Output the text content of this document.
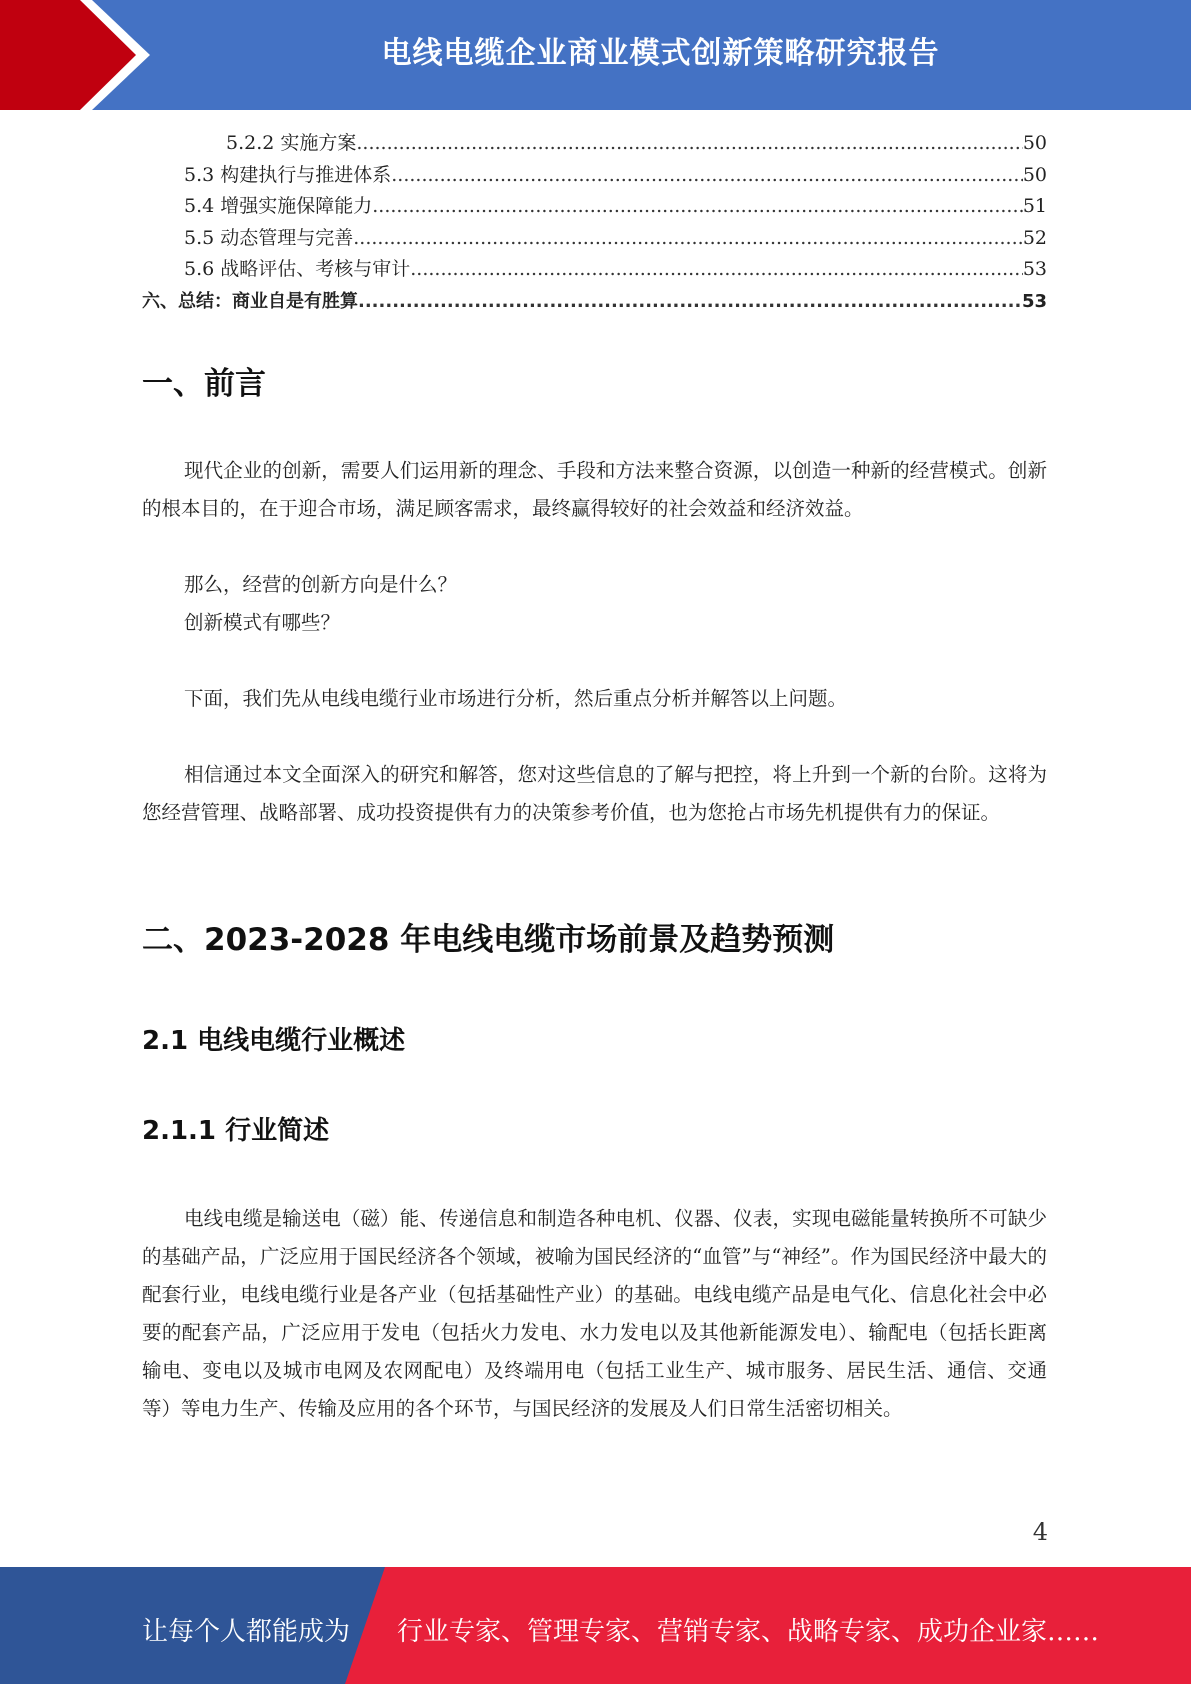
电线电缆企业商业模式创新策略研究报告
5.2.2 实施方案 .....	50
5.3 构建执行与推进体系 .....	50
5.4 增强实施保障能力 .....	51
5.5 动态管理与完善 .....	52
5.6 战略评估、考核与审计 .....	53
六、总结：商业自是有胜算 .....	53
一、前言

现代企业的创新，需要人们运用新的理念、手段和方法来整合资源，以创造一种新的经营模式。创新的根本目的，在于迎合市场，满足顾客需求，最终赢得较好的社会效益和经济效益。

那么，经营的创新方向是什么？

创新模式有哪些？

下面，我们先从电线电缆行业市场进行分析，然后重点分析并解答以上问题。

相信通过本文全面深入的研究和解答，您对这些信息的了解与把控，将上升到一个新的台阶。这将为您经营管理、战略部署、成功投资提供有力的决策参考价值，也为您抢占市场先机提供有力的保证。

二、2023-2028 年电线电缆市场前景及趋势预测
2.1 电线电缆行业概述
2.1.1 行业简述

电线电缆是输送电（磁）能、传递信息和制造各种电机、仪器、仪表，实现电磁能量转换所不可缺少的基础产品，广泛应用于国民经济各个领域，被喻为国民经济的“血管”与“神经”。作为国民经济中最大的配套行业，电线电缆行业是各产业（包括基础性产业）的基础。电线电缆产品是电气化、信息化社会中必要的配套产品，广泛应用于发电（包括火力发电、水力发电以及其他新能源发电）、输配电（包括长距离输电、变电以及城市电网及农网配电）及终端用电（包括工业生产、城市服务、居民生活、通信、交通等）等电力生产、传输及应用的各个环节，与国民经济的发展及人们日常生活密切相关。

4
让每个人都能成为 行业专家、管理专家、营销专家、战略专家、成功企业家……
